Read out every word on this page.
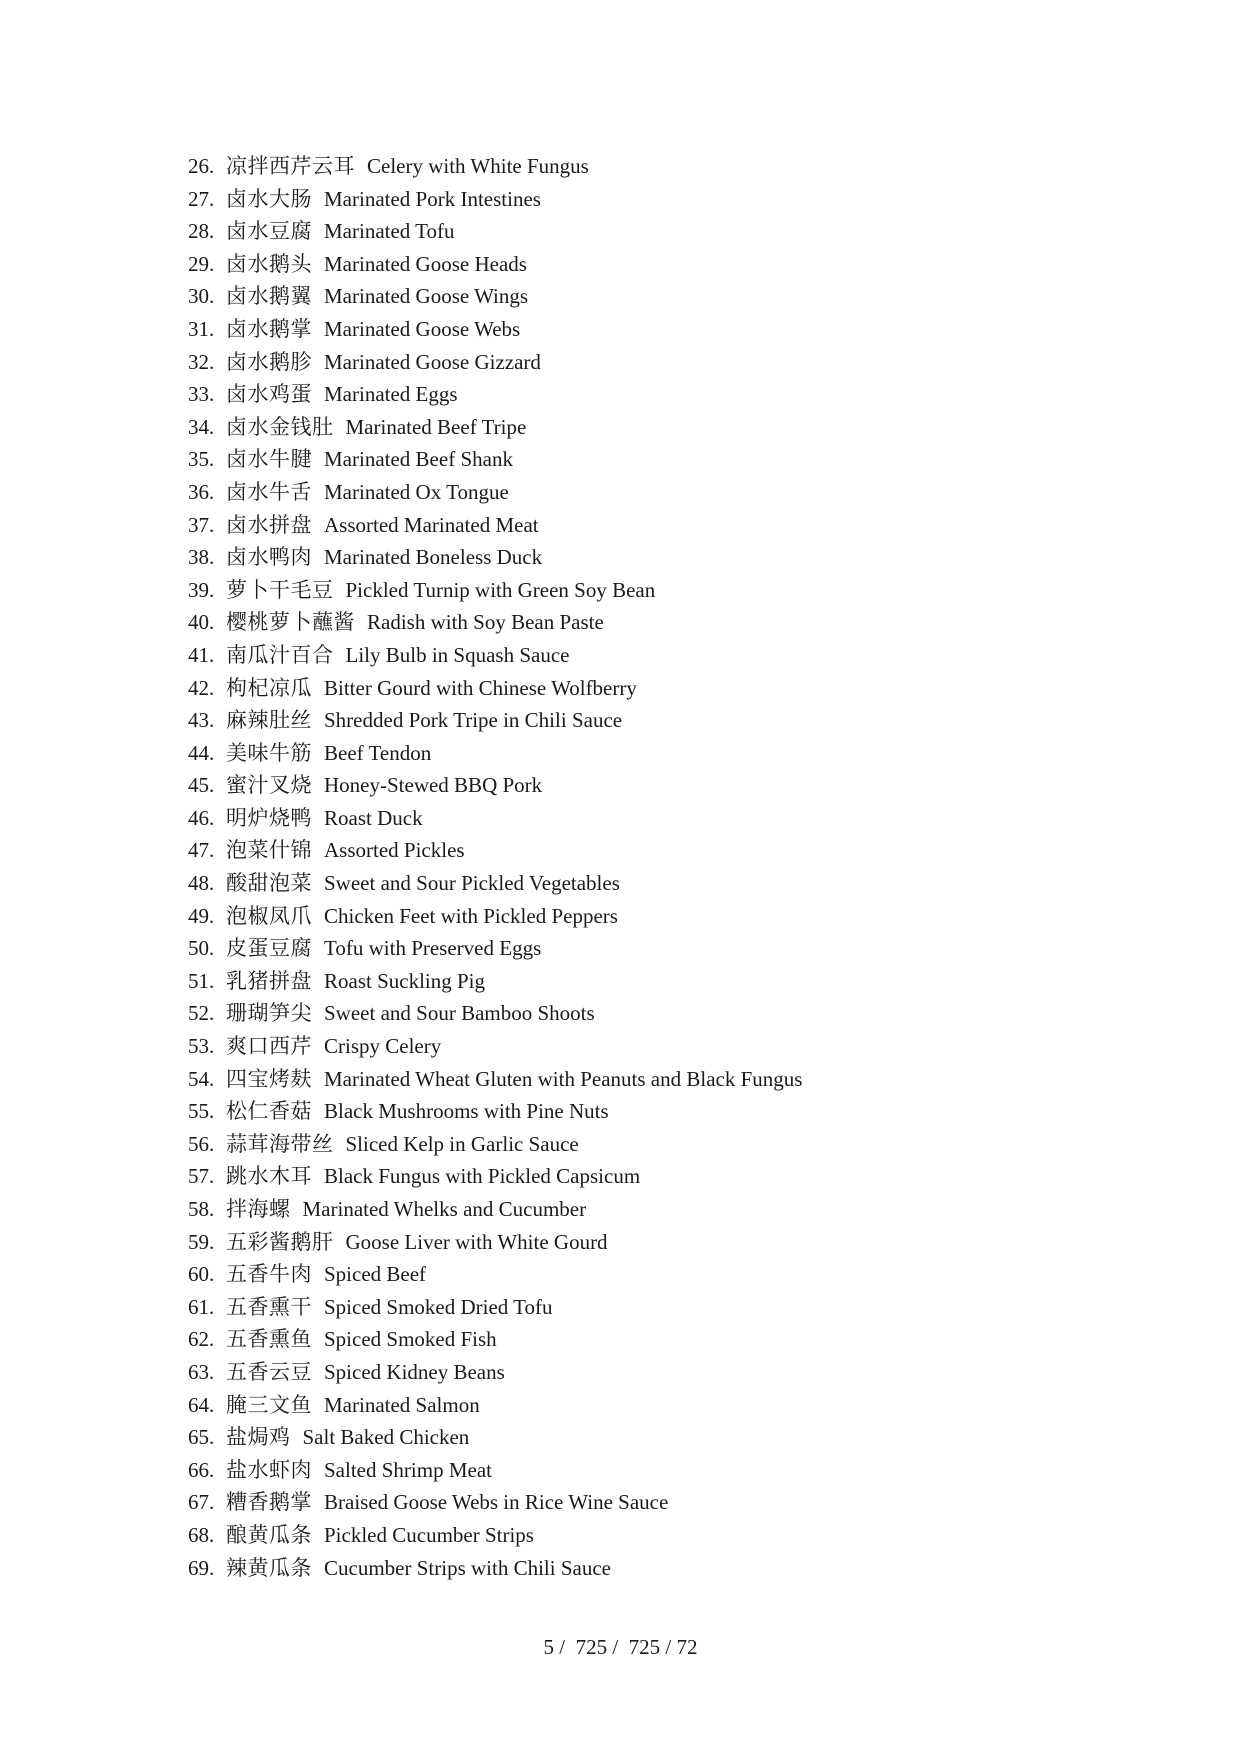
26. 凉拌西芹云耳 Celery with White Fungus
27. 卤水大肠 Marinated Pork Intestines
28. 卤水豆腐 Marinated Tofu
29. 卤水鹅头 Marinated Goose Heads
30. 卤水鹅翼 Marinated Goose Wings
31. 卤水鹅掌 Marinated Goose Webs
32. 卤水鹅胗 Marinated Goose Gizzard
33. 卤水鸡蛋 Marinated Eggs
34. 卤水金钱肚 Marinated Beef Tripe
35. 卤水牛腱 Marinated Beef Shank
36. 卤水牛舌 Marinated Ox Tongue
37. 卤水拼盘 Assorted Marinated Meat
38. 卤水鸭肉 Marinated Boneless Duck
39. 萝卜干毛豆 Pickled Turnip with Green Soy Bean
40. 樱桃萝卜蘸酱 Radish with Soy Bean Paste
41. 南瓜汁百合 Lily Bulb in Squash Sauce
42. 枸杞凉瓜 Bitter Gourd with Chinese Wolfberry
43. 麻辣肚丝 Shredded Pork Tripe in Chili Sauce
44. 美味牛筋 Beef Tendon
45. 蜜汁叉烧 Honey-Stewed BBQ Pork
46. 明炉烧鸭 Roast Duck
47. 泡菜什锦 Assorted Pickles
48. 酸甜泡菜 Sweet and Sour Pickled Vegetables
49. 泡椒凤爪 Chicken Feet with Pickled Peppers
50. 皮蛋豆腐 Tofu with Preserved Eggs
51. 乳猪拼盘 Roast Suckling Pig
52. 珊瑚笋尖 Sweet and Sour Bamboo Shoots
53. 爽口西芹 Crispy Celery
54. 四宝烤麸 Marinated Wheat Gluten with Peanuts and Black Fungus
55. 松仁香菇 Black Mushrooms with Pine Nuts
56. 蒜茸海带丝 Sliced Kelp in Garlic Sauce
57. 跳水木耳 Black Fungus with Pickled Capsicum
58. 拌海螺 Marinated Whelks and Cucumber
59. 五彩酱鹅肝 Goose Liver with White Gourd
60. 五香牛肉 Spiced Beef
61. 五香熏干 Spiced Smoked Dried Tofu
62. 五香熏鱼 Spiced Smoked Fish
63. 五香云豆 Spiced Kidney Beans
64. 腌三文鱼 Marinated Salmon
65. 盐焗鸡 Salt Baked Chicken
66. 盐水虾肉 Salted Shrimp Meat
67. 糟香鹅掌 Braised Goose Webs in Rice Wine Sauce
68. 酿黄瓜条 Pickled Cucumber Strips
69. 辣黄瓜条 Cucumber Strips with Chili Sauce
5 /  725 /  725 / 72
